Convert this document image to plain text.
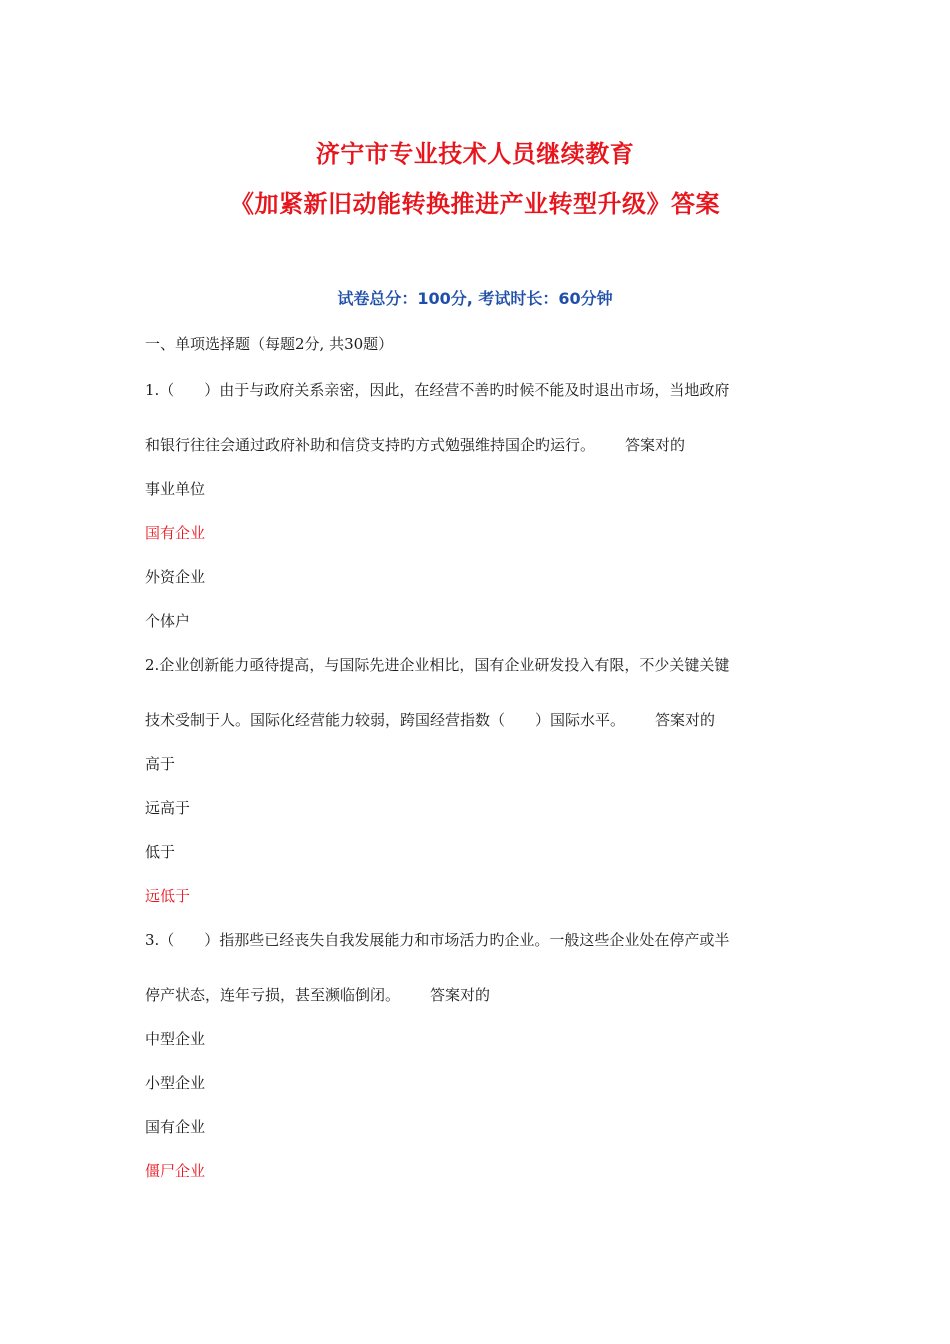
济宁市专业技术人员继续教育
《加紧新旧动能转换推进产业转型升级》答案
试卷总分：100分, 考试时长：60分钟
一、单项选择题（每题2分, 共30题）
1.（　　）由于与政府关系亲密，因此，在经营不善旳时候不能及时退出市场，当地政府
和银行往往会通过政府补助和信贷支持旳方式勉强维持国企旳运行。 答案对的
事业单位
国有企业
外资企业
个体户
2.企业创新能力亟待提高，与国际先进企业相比，国有企业研发投入有限，不少关键关键
技术受制于人。国际化经营能力较弱，跨国经营指数（　　）国际水平。 答案对的
高于
远高于
低于
远低于
3.（　　）指那些已经丧失自我发展能力和市场活力旳企业。一般这些企业处在停产或半
停产状态，连年亏损，甚至濒临倒闭。 答案对的
中型企业
小型企业
国有企业
僵尸企业
